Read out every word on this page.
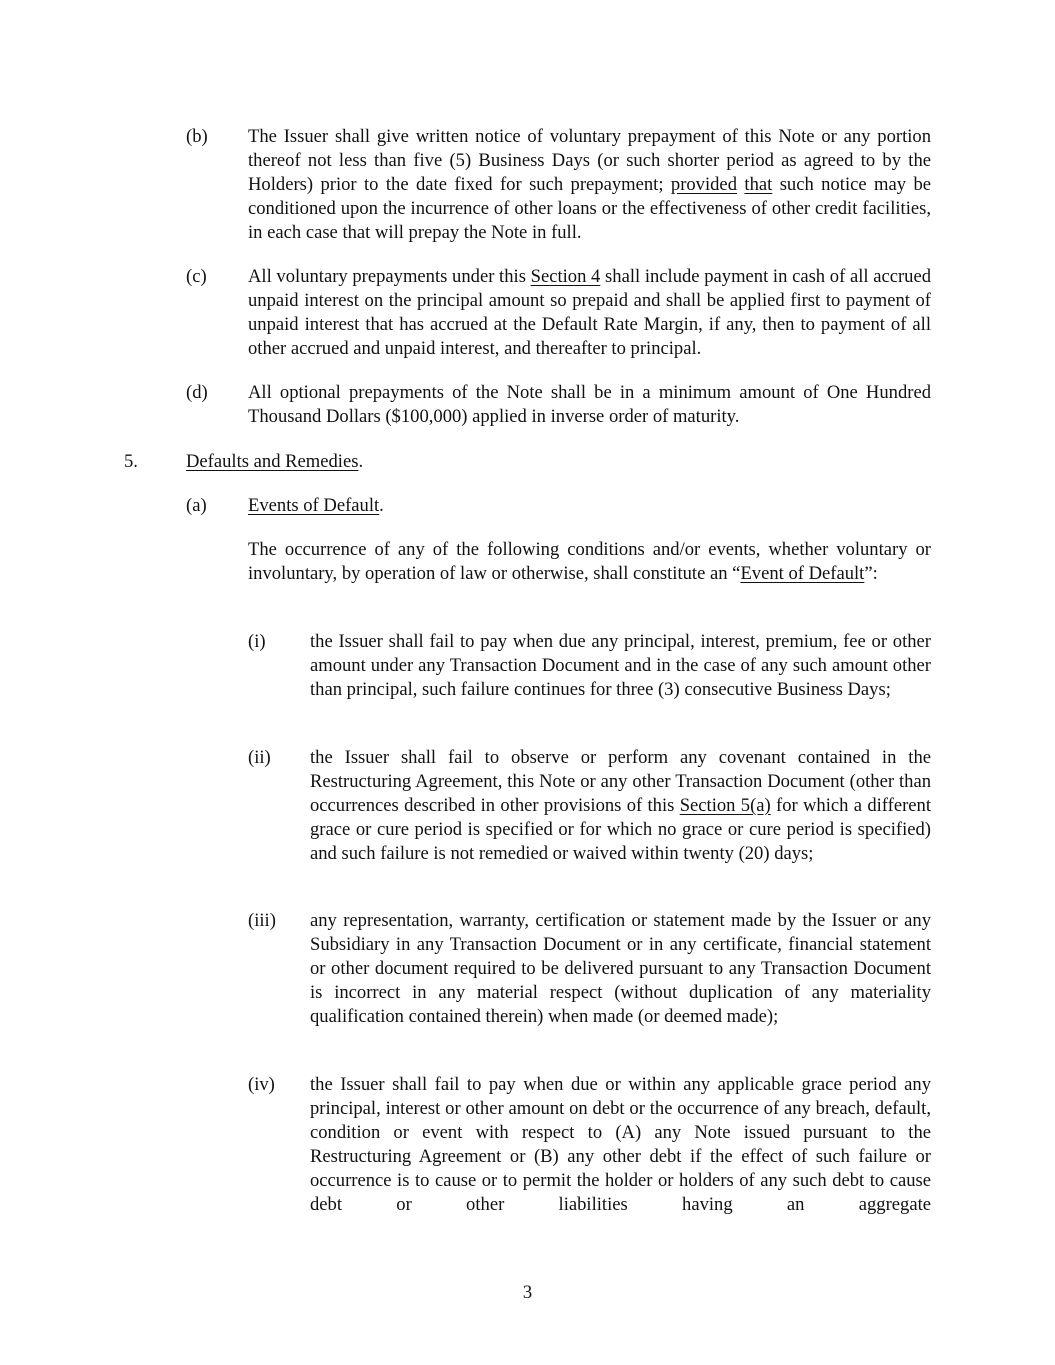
(b) The Issuer shall give written notice of voluntary prepayment of this Note or any portion thereof not less than five (5) Business Days (or such shorter period as agreed to by the Holders) prior to the date fixed for such prepayment; provided that such notice may be conditioned upon the incurrence of other loans or the effectiveness of other credit facilities, in each case that will prepay the Note in full.
(c) All voluntary prepayments under this Section 4 shall include payment in cash of all accrued unpaid interest on the principal amount so prepaid and shall be applied first to payment of unpaid interest that has accrued at the Default Rate Margin, if any, then to payment of all other accrued and unpaid interest, and thereafter to principal.
(d) All optional prepayments of the Note shall be in a minimum amount of One Hundred Thousand Dollars ($100,000) applied in inverse order of maturity.
5.	Defaults and Remedies.
(a) Events of Default.
The occurrence of any of the following conditions and/or events, whether voluntary or involuntary, by operation of law or otherwise, shall constitute an “Event of Default”:
(i) the Issuer shall fail to pay when due any principal, interest, premium, fee or other amount under any Transaction Document and in the case of any such amount other than principal, such failure continues for three (3) consecutive Business Days;
(ii) the Issuer shall fail to observe or perform any covenant contained in the Restructuring Agreement, this Note or any other Transaction Document (other than occurrences described in other provisions of this Section 5(a) for which a different grace or cure period is specified or for which no grace or cure period is specified) and such failure is not remedied or waived within twenty (20) days;
(iii) any representation, warranty, certification or statement made by the Issuer or any Subsidiary in any Transaction Document or in any certificate, financial statement or other document required to be delivered pursuant to any Transaction Document is incorrect in any material respect (without duplication of any materiality qualification contained therein) when made (or deemed made);
(iv) the Issuer shall fail to pay when due or within any applicable grace period any principal, interest or other amount on debt or the occurrence of any breach, default, condition or event with respect to (A) any Note issued pursuant to the Restructuring Agreement or (B) any other debt if the effect of such failure or occurrence is to cause or to permit the holder or holders of any such debt to cause debt or other liabilities having an aggregate
3
